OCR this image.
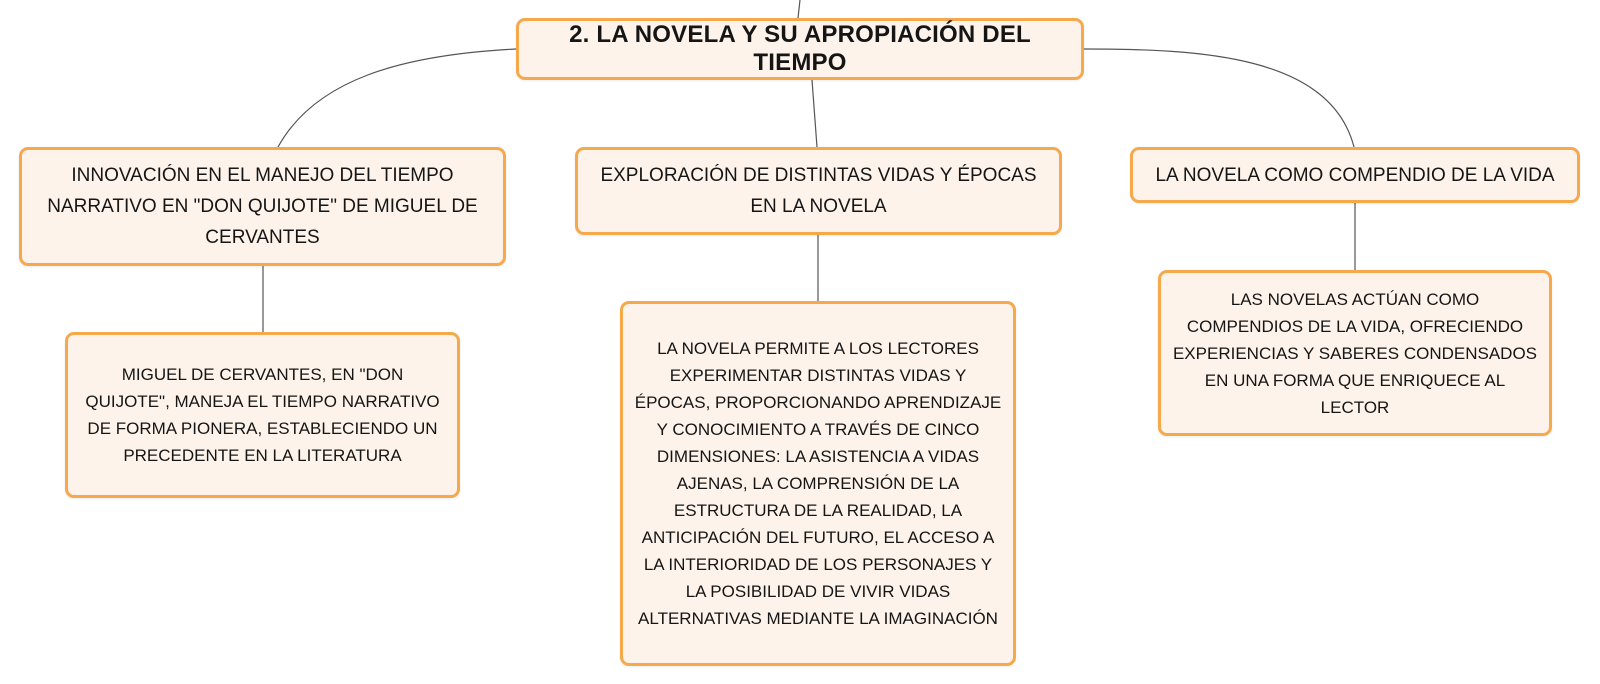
2. LA NOVELA Y SU APROPIACIÓN DEL TIEMPO
INNOVACIÓN EN EL MANEJO DEL TIEMPO NARRATIVO EN "DON QUIJOTE" DE MIGUEL DE CERVANTES
EXPLORACIÓN DE DISTINTAS VIDAS Y ÉPOCAS EN LA NOVELA
LA NOVELA COMO COMPENDIO DE LA VIDA
MIGUEL DE CERVANTES, EN "DON QUIJOTE", MANEJA EL TIEMPO NARRATIVO DE FORMA PIONERA, ESTABLECIENDO UN PRECEDENTE EN LA LITERATURA
LA NOVELA PERMITE A LOS LECTORES EXPERIMENTAR DISTINTAS VIDAS Y ÉPOCAS, PROPORCIONANDO APRENDIZAJE Y CONOCIMIENTO A TRAVÉS DE CINCO DIMENSIONES: LA ASISTENCIA A VIDAS AJENAS, LA COMPRENSIÓN DE LA ESTRUCTURA DE LA REALIDAD, LA ANTICIPACIÓN DEL FUTURO, EL ACCESO A LA INTERIORIDAD DE LOS PERSONAJES Y LA POSIBILIDAD DE VIVIR VIDAS ALTERNATIVAS MEDIANTE LA IMAGINACIÓN
LAS NOVELAS ACTÚAN COMO COMPENDIOS DE LA VIDA, OFRECIENDO EXPERIENCIAS Y SABERES CONDENSADOS EN UNA FORMA QUE ENRIQUECE AL LECTOR
